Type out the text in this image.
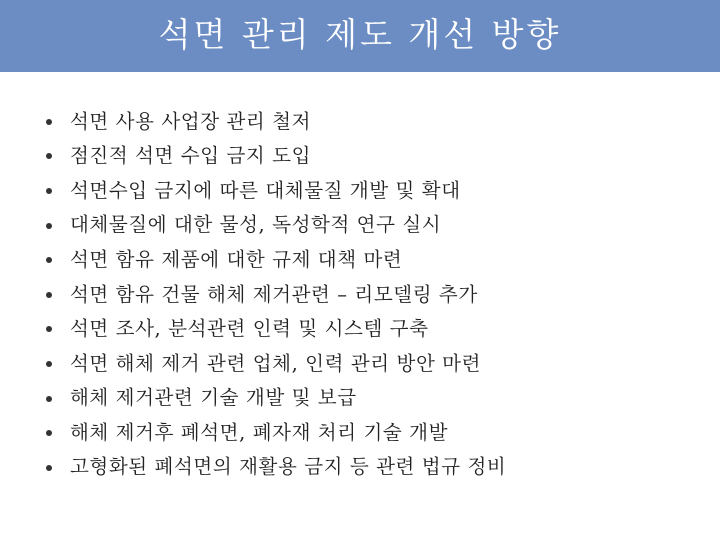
석면 관리 제도 개선 방향
석면 사용 사업장 관리 철저
점진적 석면 수입 금지 도입
석면수입 금지에 따른 대체물질 개발 및 확대
대체물질에 대한 물성, 독성학적 연구 실시
석면 함유 제품에 대한 규제 대책 마련
석면 함유 건물 해체 제거관련 – 리모델링 추가
석면 조사, 분석관련 인력 및 시스템 구축
석면 해체 제거 관련 업체, 인력 관리 방안 마련
해체 제거관련 기술 개발 및 보급
해체 제거후 폐석면, 폐자재 처리 기술 개발
고형화된 폐석면의 재활용 금지 등 관련 법규 정비
